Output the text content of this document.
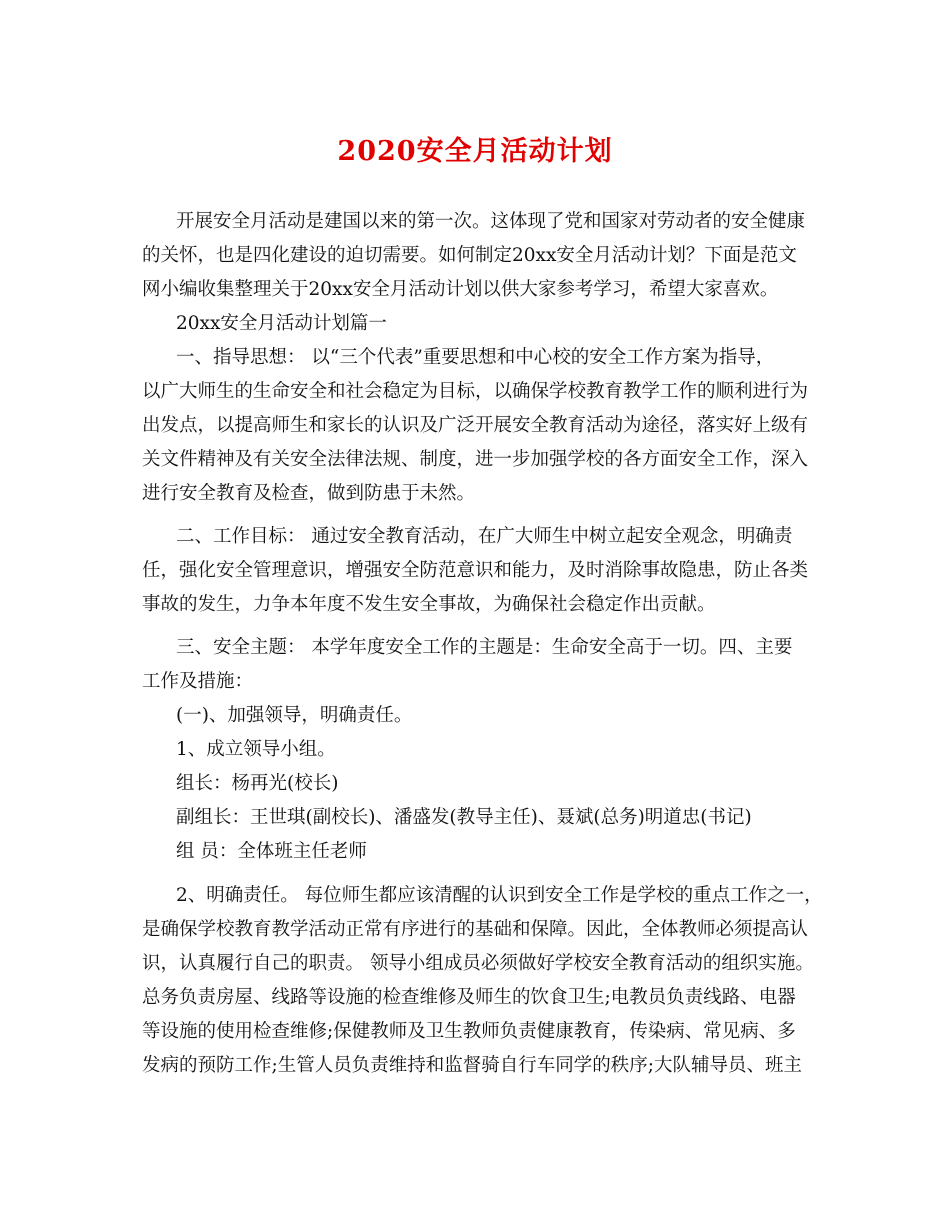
2020安全月活动计划
开展安全月活动是建国以来的第一次。这体现了党和国家对劳动者的安全健康
的关怀，也是四化建设的迫切需要。如何制定20xx安全月活动计划？下面是范文
网小编收集整理关于20xx安全月活动计划以供大家参考学习，希望大家喜欢。
20xx安全月活动计划篇一
一、指导思想： 以“三个代表”重要思想和中心校的安全工作方案为指导，
以广大师生的生命安全和社会稳定为目标，以确保学校教育教学工作的顺利进行为
出发点，以提高师生和家长的认识及广泛开展安全教育活动为途径，落实好上级有
关文件精神及有关安全法律法规、制度，进一步加强学校的各方面安全工作，深入
进行安全教育及检查，做到防患于未然。
二、工作目标： 通过安全教育活动，在广大师生中树立起安全观念，明确责
任，强化安全管理意识，增强安全防范意识和能力，及时消除事故隐患，防止各类
事故的发生，力争本年度不发生安全事故，为确保社会稳定作出贡献。
三、安全主题： 本学年度安全工作的主题是：生命安全高于一切。四、主要
工作及措施：
(一)、加强领导，明确责任。
1、成立领导小组。
组长：杨再光(校长)
副组长：王世琪(副校长)、潘盛发(教导主任)、聂斌(总务)明道忠(书记)
组 员：全体班主任老师
2、明确责任。 每位师生都应该清醒的认识到安全工作是学校的重点工作之一，
是确保学校教育教学活动正常有序进行的基础和保障。因此，全体教师必须提高认
识，认真履行自己的职责。 领导小组成员必须做好学校安全教育活动的组织实施。
总务负责房屋、线路等设施的检查维修及师生的饮食卫生;电教员负责线路、电器
等设施的使用检查维修;保健教师及卫生教师负责健康教育，传染病、常见病、多
发病的预防工作;生管人员负责维持和监督骑自行车同学的秩序;大队辅导员、班主
